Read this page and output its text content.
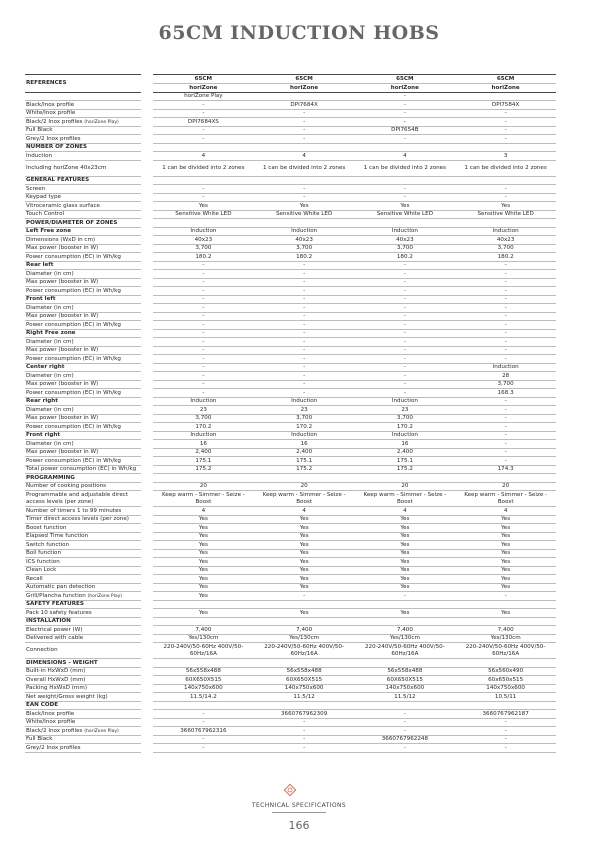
65CM INDUCTION HOBS
REFERENCES		65CM	65CM	65CM	65CM
		horiZone	horiZone	horiZone	horiZone
		horiZone Play		-	
Black/Inox profile		-	DPI7684X	-	DPI7584X
White/Inox profile		-	-	-	-
Black/2 Inox profiles (horiZone Play)		DPI7684XS	-	-	-
Full Black		-	-	DPI7654B	-
Grey/2 Inox profiles		-	-	-	-
NUMBER OF ZONES					
Induction		4	4	4	3
Including horiZone 40x23cm		1 can be divided into 2 zones	1 can be divided into 2 zones	1 can be divided into 2 zones	1 can be divided into 2 zones
GENERAL FEATURES					
Screen		-	-	-	-
Keypad type		-	-	-	-
Vitroceramic glass surface		Yes	Yes	Yes	Yes
Touch Control		Sensitive White LED	Sensitive White LED	Sensitive White LED	Sensitive White LED
POWER/DIAMETER OF ZONES					
Left Free zone		Induction	Induction	Induction	Induction
Dimensions (WxD in cm)		40x23	40x23	40x23	40x23
Max power (booster in W)		3,700	3,700	3,700	3,700
Power consumption (EC) in Wh/kg		180.2	180.2	180.2	180.2
Rear left		-	-	-	-
Diameter (in cm)		-	-	-	-
Max power (booster in W)		-	-	-	-
Power consumption (EC) in Wh/kg		-	-	-	-
Front left		-	-	-	-
Diameter (in cm)		-	-	-	-
Max power (booster in W)		-	-	-	-
Power consumption (EC) in Wh/kg		-	-	-	-
Right Free zone		-	-	-	-
Diameter (in cm)		-	-	-	-
Max power (booster in W)		-	-	-	-
Power consumption (EC) in Wh/kg		-	-	-	-
Center right		-	-	-	Induction
Diameter (in cm)		-	-	-	28
Max power (booster in W)		-	-	-	3,700
Power consumption (EC) in Wh/kg		-	-	-	168.3
Rear right		Induction	Induction	Induction	-
Diameter (in cm)		23	23	23	-
Max power (booster in W)		3,700	3,700	3,700	-
Power consumption (EC) in Wh/kg		170.2	170.2	170.2	-
Front right		Induction	Induction	Induction	-
Diameter (in cm)		16	16	16	-
Max power (booster in W)		2,400	2,400	2,400	-
Power consumption (EC) in Wh/kg		175.1	175.1	175.1	-
Total power consumption (EC) in Wh/kg		175.2	175.2	175.2	174.3
PROGRAMMING					
Number of cooking positions		20	20	20	20
Programmable and adjustable direct access levels (per zone)		Keep warm - Simmer - Seize - Boost	Keep warm - Simmer - Seize - Boost	Keep warm - Simmer - Seize - Boost	Keep warm - Simmer - Seize - Boost
Number of timers 1 to 99 minutes		4	4	4	4
Timer direct access levels (per zone)		Yes	Yes	Yes	Yes
Boost function		Yes	Yes	Yes	Yes
Elapsed Time function		Yes	Yes	Yes	Yes
Switch function		Yes	Yes	Yes	Yes
Boil function		Yes	Yes	Yes	Yes
ICS function		Yes	Yes	Yes	Yes
Clean Lock		Yes	Yes	Yes	Yes
Recall		Yes	Yes	Yes	Yes
Automatic pan detection		Yes	Yes	Yes	Yes
Grill/Plancha function (horiZone Play)		Yes	-	-	-
SAFETY FEATURES					
Pack 10 safety features		Yes	Yes	Yes	Yes
INSTALLATION					
Electrical power (W)		7,400	7,400	7,400	7,400
Delivered with cable		Yes/130cm	Yes/130cm	Yes/130cm	Yes/130cm
Connection		220-240V/50-60Hz 400V/50-60Hz/16A	220-240V/50-60Hz 400V/50-60Hz/16A	220-240V/50-60Hz 400V/50-60Hz/16A	220-240V/50-60Hz 400V/50-60Hz/16A
DIMENSIONS - WEIGHT					
Built-in HxWxD (mm)		56x558x488	56x558x488	56x558x488	56x560x490
Overall HxWxD (mm)		60X650X515	60X650X515	60X650X515	60x650x515
Packing HxWxD (mm)		140x750x600	140x750x600	140x750x600	140x750x600
Net weight/Gross weight (kg)		11.5/14.2	11.5/12	11.5/12	10.5/11
EAN CODE					
Black/Inox profile		-	3660767962309	-	3660767962187
White/Inox profile		-	-	-	-
Black/2 Inox profiles (horiZone Play)		3660767962316	-	-	-
Full Black		-	-	3660767962248	-
Grey/2 Inox profiles		-	-	-	-
TECHNICAL SPECIFICATIONS
166
